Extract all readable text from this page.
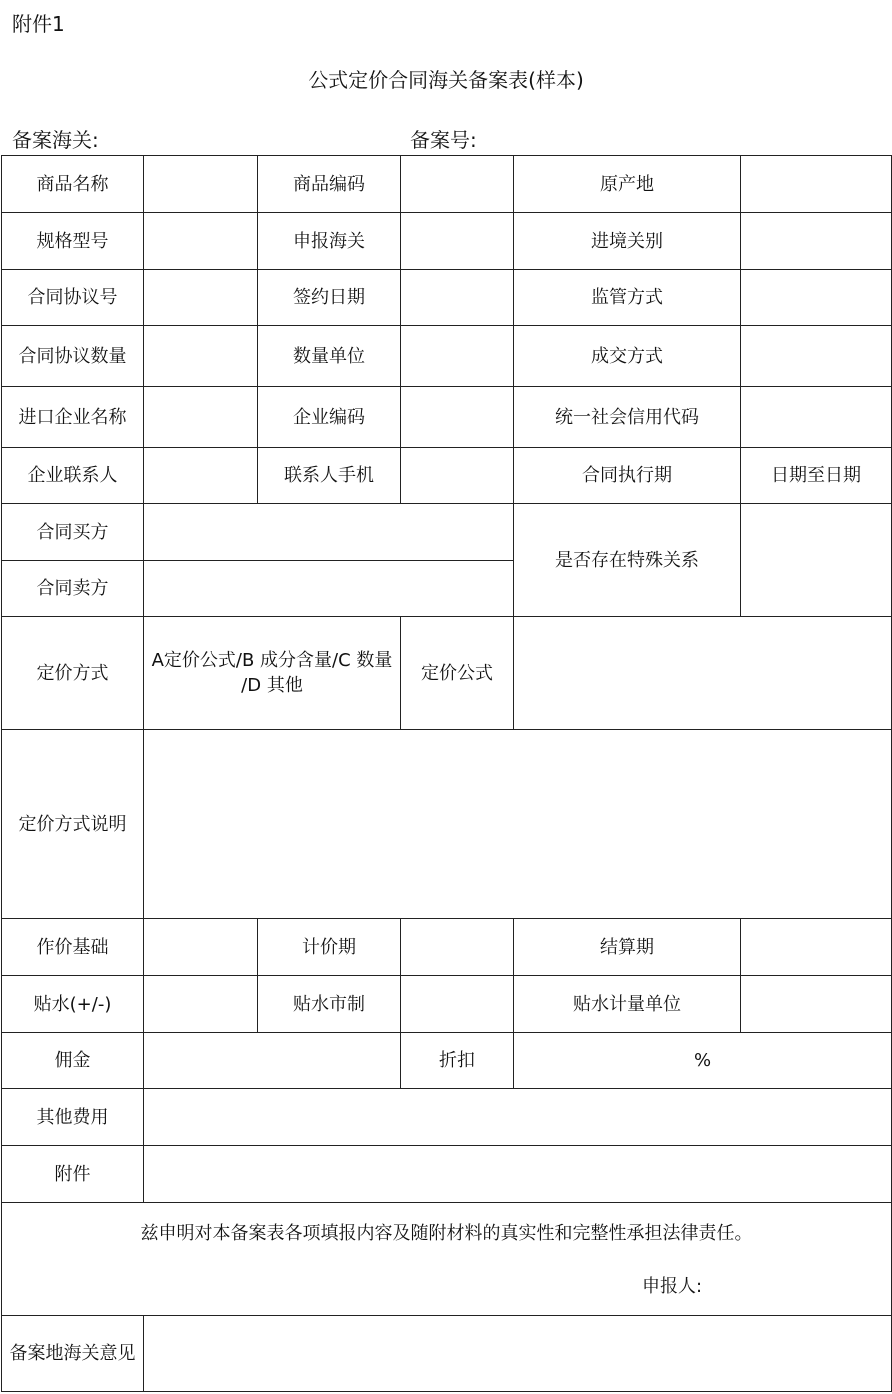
附件1
公式定价合同海关备案表(样本)
备案海关:	备案号:
商品名称		商品编码		原产地	
规格型号		申报海关		进境关别	
合同协议号		签约日期		监管方式	
合同协议数量		数量单位		成交方式	
进口企业名称		企业编码		统一社会信用代码	
企业联系人		联系人手机		合同执行期	日期至日期
合同买方				是否存在特殊关系	
合同卖方					
定价方式	A定价公式/B 成分含量/C 数量 /D 其他		定价公式		
定价方式说明					
作价基础		计价期		结算期	
贴水(+/-)		贴水市制		贴水计量单位	
佣金			折扣	%	
其他费用					
附件					

兹申明对本备案表各项填报内容及随附材料的真实性和完整性承担法律责任。
申报人:					

备案地海关意见					
